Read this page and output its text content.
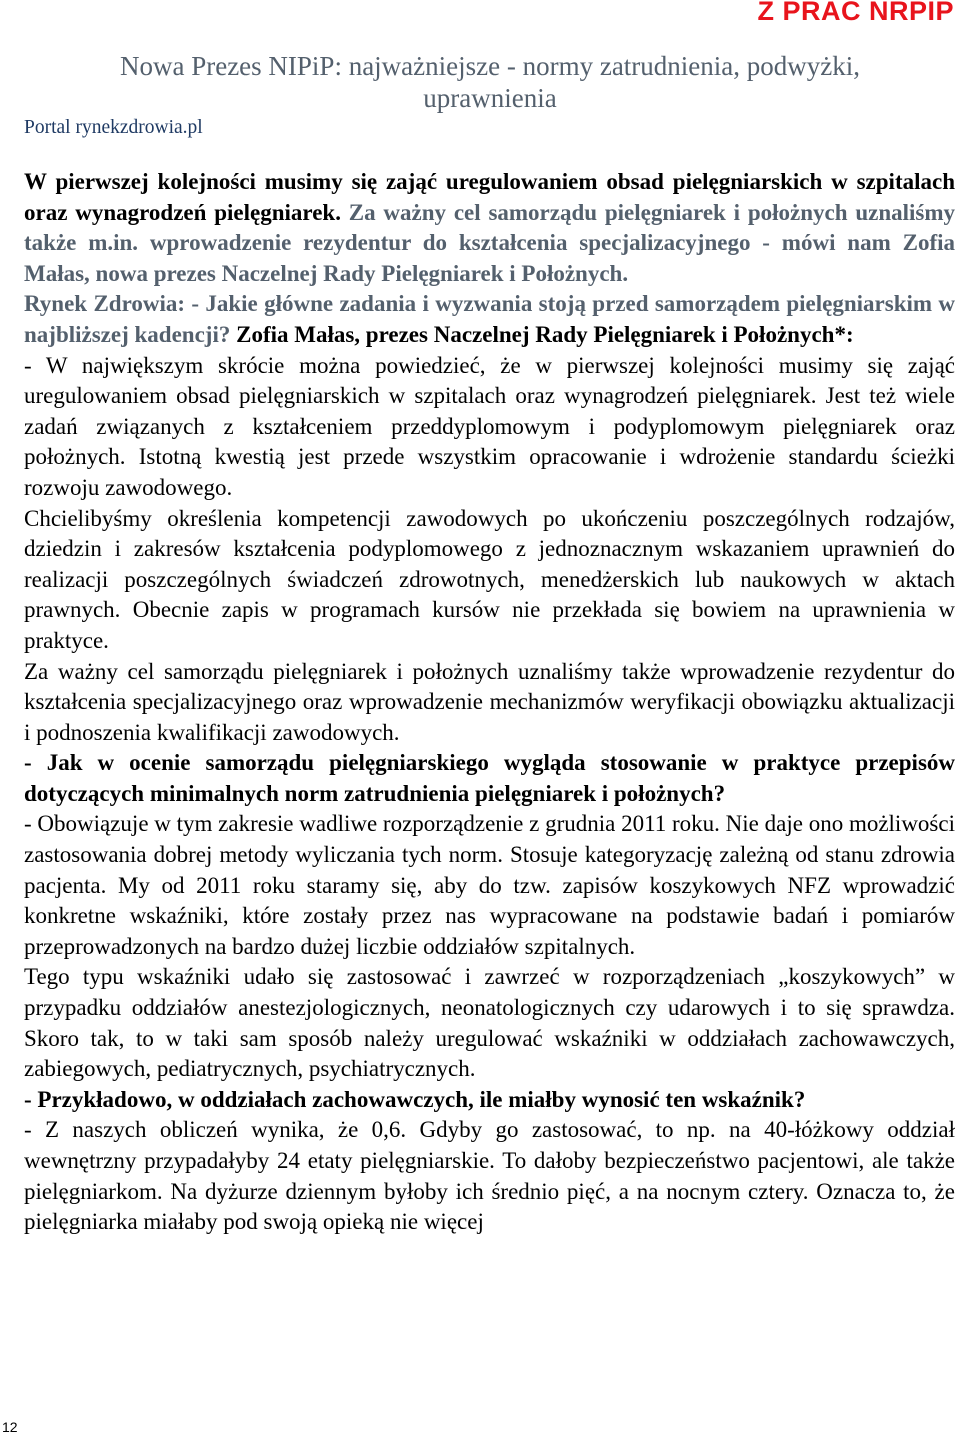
Z PRAC NRPIP
Nowa Prezes NIPiP: najważniejsze - normy zatrudnienia, podwyżki, uprawnienia
Portal rynekzdrowia.pl

W pierwszej kolejności musimy się zająć uregulowaniem obsad pielęgniarskich w szpitalach oraz wynagrodzeń pielęgniarek. Za ważny cel samorządu pielęgniarek i położnych uznaliśmy także m.in. wprowadzenie rezydentur do kształcenia specjalizacyjnego - mówi nam Zofia Małas, nowa prezes Naczelnej Rady Pielęgniarek i Położnych.

Rynek Zdrowia: - Jakie główne zadania i wyzwania stoją przed samorządem pielęgniarskim w najbliższej kadencji? Zofia Małas, prezes Naczelnej Rady Pielęgniarek i Położnych*:

- W największym skrócie można powiedzieć, że w pierwszej kolejności musimy się zająć uregulowaniem obsad pielęgniarskich w szpitalach oraz wynagrodzeń pielęgniarek. Jest też wiele zadań związanych z kształceniem przeddyplomowym i podyplomowym pielęgniarek oraz położnych. Istotną kwestią jest przede wszystkim opracowanie i wdrożenie standardu ścieżki rozwoju zawodowego.

Chcielibyśmy określenia kompetencji zawodowych po ukończeniu poszczególnych rodzajów, dziedzin i zakresów kształcenia podyplomowego z jednoznacznym wskazaniem uprawnień do realizacji poszczególnych świadczeń zdrowotnych, menedżerskich lub naukowych w aktach prawnych. Obecnie zapis w programach kursów nie przekłada się bowiem na uprawnienia w praktyce.

Za ważny cel samorządu pielęgniarek i położnych uznaliśmy także wprowadzenie rezydentur do kształcenia specjalizacyjnego oraz wprowadzenie mechanizmów weryfikacji obowiązku aktualizacji i podnoszenia kwalifikacji zawodowych.

- Jak w ocenie samorządu pielęgniarskiego wygląda stosowanie w praktyce przepisów dotyczących minimalnych norm zatrudnienia pielęgniarek i położnych?

- Obowiązuje w tym zakresie wadliwe rozporządzenie z grudnia 2011 roku. Nie daje ono możliwości zastosowania dobrej metody wyliczania tych norm. Stosuje kategoryzację zależną od stanu zdrowia pacjenta. My od 2011 roku staramy się, aby do tzw. zapisów koszykowych NFZ wprowadzić konkretne wskaźniki, które zostały przez nas wypracowane na podstawie badań i pomiarów przeprowadzonych na bardzo dużej liczbie oddziałów szpitalnych.

Tego typu wskaźniki udało się zastosować i zawrzeć w rozporządzeniach „koszykowych” w przypadku oddziałów anestezjologicznych, neonatologicznych czy udarowych i to się sprawdza. Skoro tak, to w taki sam sposób należy uregulować wskaźniki w oddziałach zachowawczych, zabiegowych, pediatrycznych, psychiatrycznych.

- Przykładowo, w oddziałach zachowawczych, ile miałby wynosić ten wskaźnik?

- Z naszych obliczeń wynika, że 0,6. Gdyby go zastosować, to np. na 40-łóżkowy oddział wewnętrzny przypadałyby 24 etaty pielęgniarskie. To dałoby bezpieczeństwo pacjentowi, ale także pielęgniarkom. Na dyżurze dziennym byłoby ich średnio pięć, a na nocnym cztery. Oznacza to, że pielęgniarka miałaby pod swoją opieką nie więcej

12
